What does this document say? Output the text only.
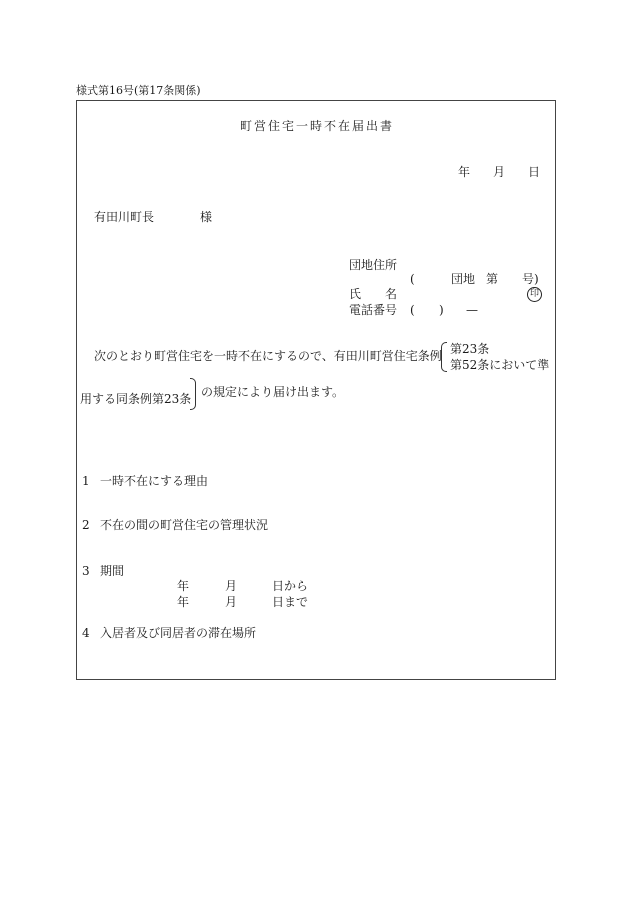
様式第16号(第17条関係)
町営住宅一時不在届出書
年 月 日
有田川町長	様
団地住所
(	団地 第 号)
氏　　名	印
電話番号 ( ) —
次のとおり町営住宅を一時不在にするので、有田川町営住宅条例 第23条
第52条において準
用する同条例第23条 の規定により届け出ます。
1 一時不在にする理由
2 不在の間の町営住宅の管理状況
3 期間
年	月	日から
年	月	日まで
4 入居者及び同居者の滞在場所
